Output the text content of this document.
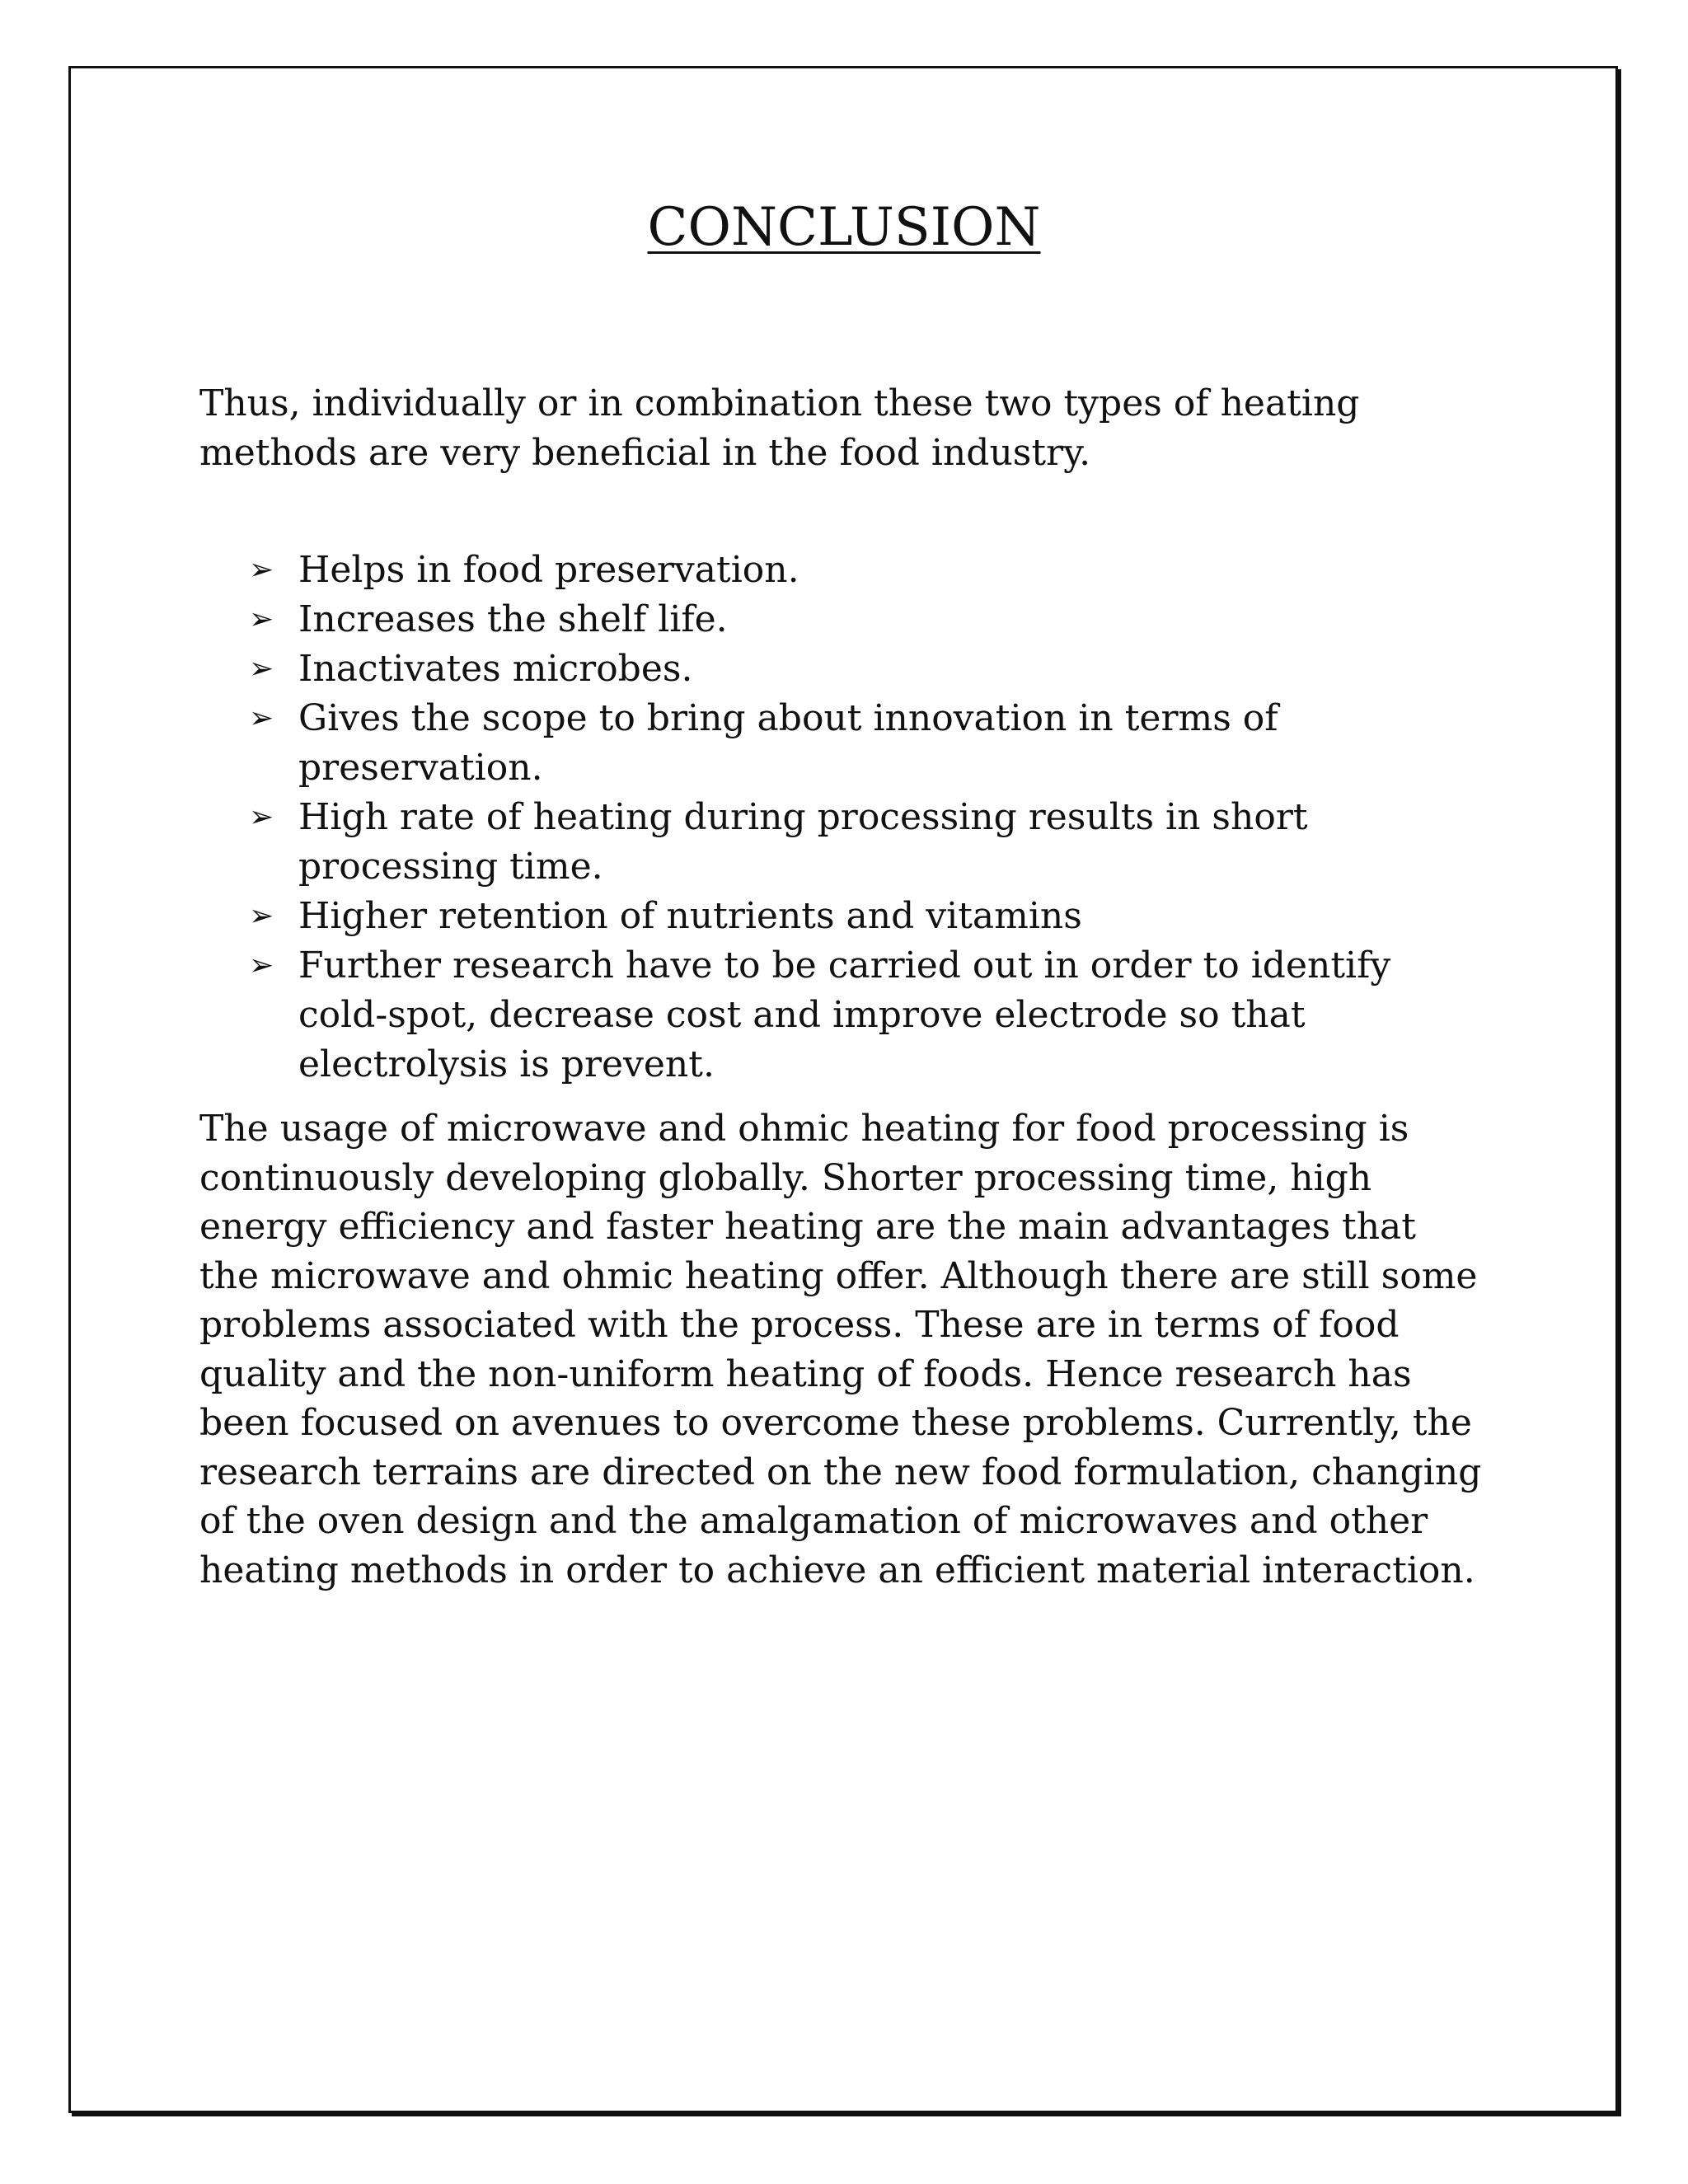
CONCLUSION

Thus, individually or in combination these two types of heating methods are very beneficial in the food industry.

➢ Helps in food preservation.
➢ Increases the shelf life.
➢ Inactivates microbes.
➢ Gives the scope to bring about innovation in terms of preservation.
➢ High rate of heating during processing results in short processing time.
➢ Higher retention of nutrients and vitamins
➢ Further research have to be carried out in order to identify cold-spot, decrease cost and improve electrode so that electrolysis is prevent.

The usage of microwave and ohmic heating for food processing is continuously developing globally. Shorter processing time, high energy efficiency and faster heating are the main advantages that the microwave and ohmic heating offer. Although there are still some problems associated with the process. These are in terms of food quality and the non-uniform heating of foods. Hence research has been focused on avenues to overcome these problems. Currently, the research terrains are directed on the new food formulation, changing of the oven design and the amalgamation of microwaves and other heating methods in order to achieve an efficient material interaction.
